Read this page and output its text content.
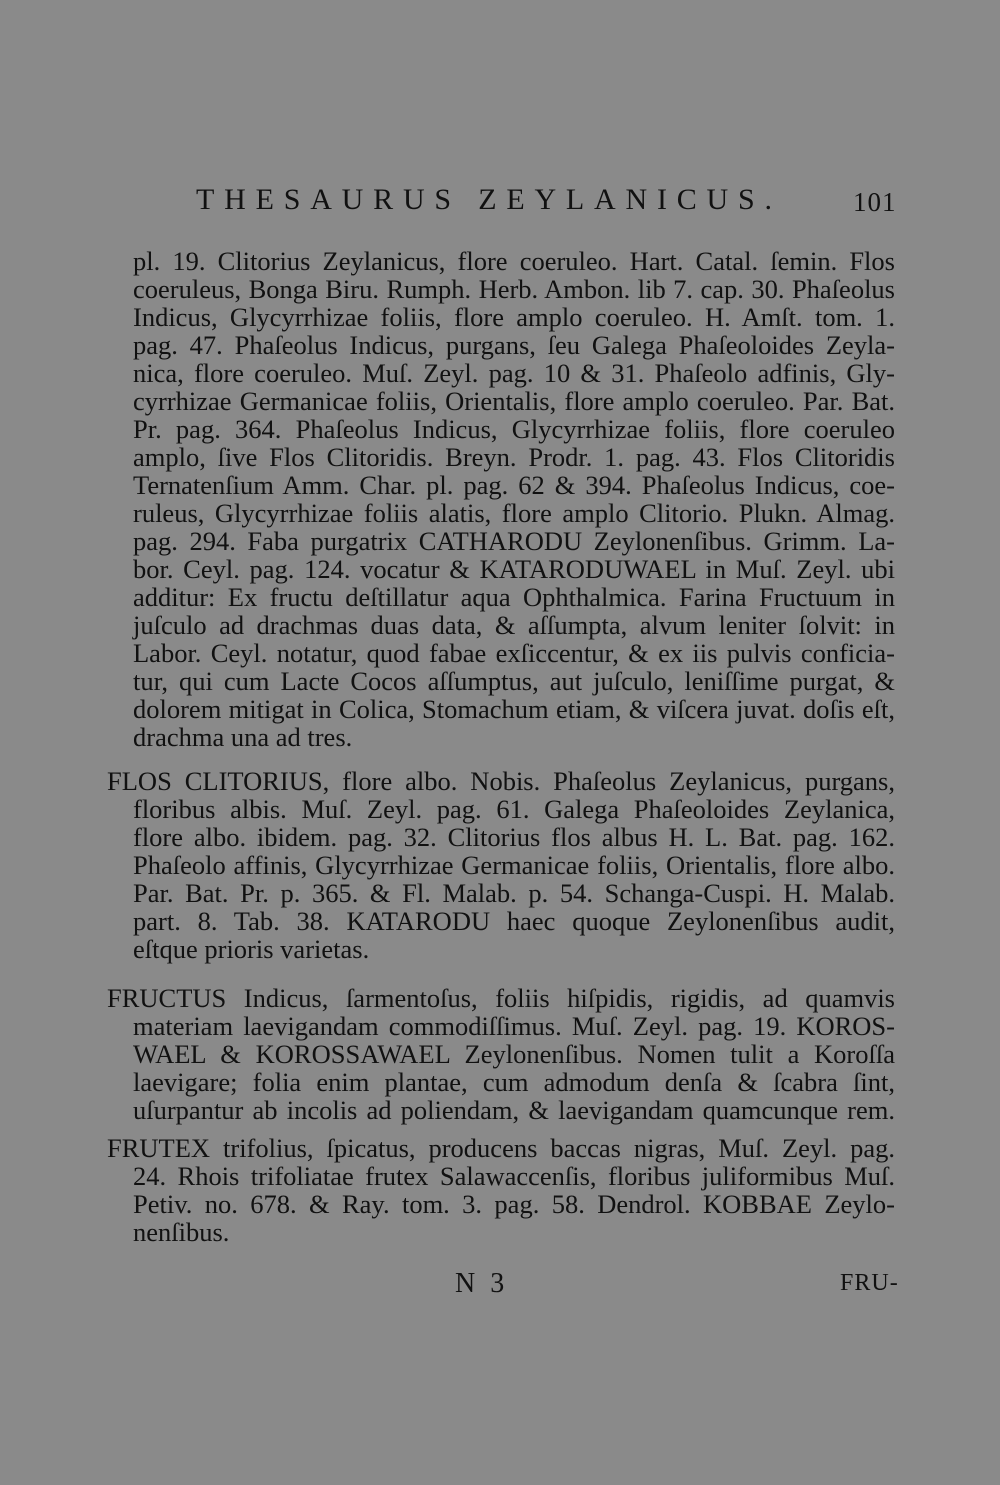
THESAURUS ZEYLANICUS.	101
pl. 19. Clitorius Zeylanicus, flore coeruleo. Hart. Catal. ſemin. Flos
coeruleus, Bonga Biru. Rumph. Herb. Ambon. lib 7. cap. 30. Phaſeolus
Indicus, Glycyrrhizae foliis, flore amplo coeruleo. H. Amſt. tom. 1.
pag. 47. Phaſeolus Indicus, purgans, ſeu Galega Phaſeoloides Zeyla-
nica, flore coeruleo. Muſ. Zeyl. pag. 10 & 31. Phaſeolo adfinis, Gly-
cyrrhizae Germanicae foliis, Orientalis, flore amplo coeruleo. Par. Bat.
Pr. pag. 364. Phaſeolus Indicus, Glycyrrhizae foliis, flore coeruleo
amplo, ſive Flos Clitoridis. Breyn. Prodr. 1. pag. 43. Flos Clitoridis
Ternatenſium Amm. Char. pl. pag. 62 & 394. Phaſeolus Indicus, coe-
ruleus, Glycyrrhizae foliis alatis, flore amplo Clitorio. Plukn. Almag.
pag. 294. Faba purgatrix CATHARODU Zeylonenſibus. Grimm. La-
bor. Ceyl. pag. 124. vocatur & KATARODUWAEL in Muſ. Zeyl. ubi
additur: Ex fructu deſtillatur aqua Ophthalmica. Farina Fructuum in
juſculo ad drachmas duas data, & aſſumpta, alvum leniter ſolvit: in
Labor. Ceyl. notatur, quod fabae exſiccentur, & ex iis pulvis conficia-
tur, qui cum Lacte Cocos aſſumptus, aut juſculo, leniſſime purgat, &
dolorem mitigat in Colica, Stomachum etiam, & viſcera juvat. doſis eſt,
drachma una ad tres.
FLOS CLITORIUS, flore albo. Nobis. Phaſeolus Zeylanicus, purgans,
floribus albis. Muſ. Zeyl. pag. 61. Galega Phaſeoloides Zeylanica,
flore albo. ibidem. pag. 32. Clitorius flos albus H. L. Bat. pag. 162.
Phaſeolo affinis, Glycyrrhizae Germanicae foliis, Orientalis, flore albo.
Par. Bat. Pr. p. 365. & Fl. Malab. p. 54. Schanga-Cuspi. H. Malab.
part. 8. Tab. 38. KATARODU haec quoque Zeylonenſibus audit,
eſtque prioris varietas.
FRUCTUS Indicus, ſarmentoſus, foliis hiſpidis, rigidis, ad quamvis
materiam laevigandam commodiſſimus. Muſ. Zeyl. pag. 19. KOROS-
WAEL & KOROSSAWAEL Zeylonenſibus. Nomen tulit a Koroſſa
laevigare; folia enim plantae, cum admodum denſa & ſcabra ſint,
uſurpantur ab incolis ad poliendam, & laevigandam quamcunque rem.
FRUTEX trifolius, ſpicatus, producens baccas nigras, Muſ. Zeyl. pag.
24. Rhois trifoliatae frutex Salawaccenſis, floribus juliformibus Muſ.
Petiv. no. 678. & Ray. tom. 3. pag. 58. Dendrol. KOBBAE Zeylo-
nenſibus.
N 3	FRU-
